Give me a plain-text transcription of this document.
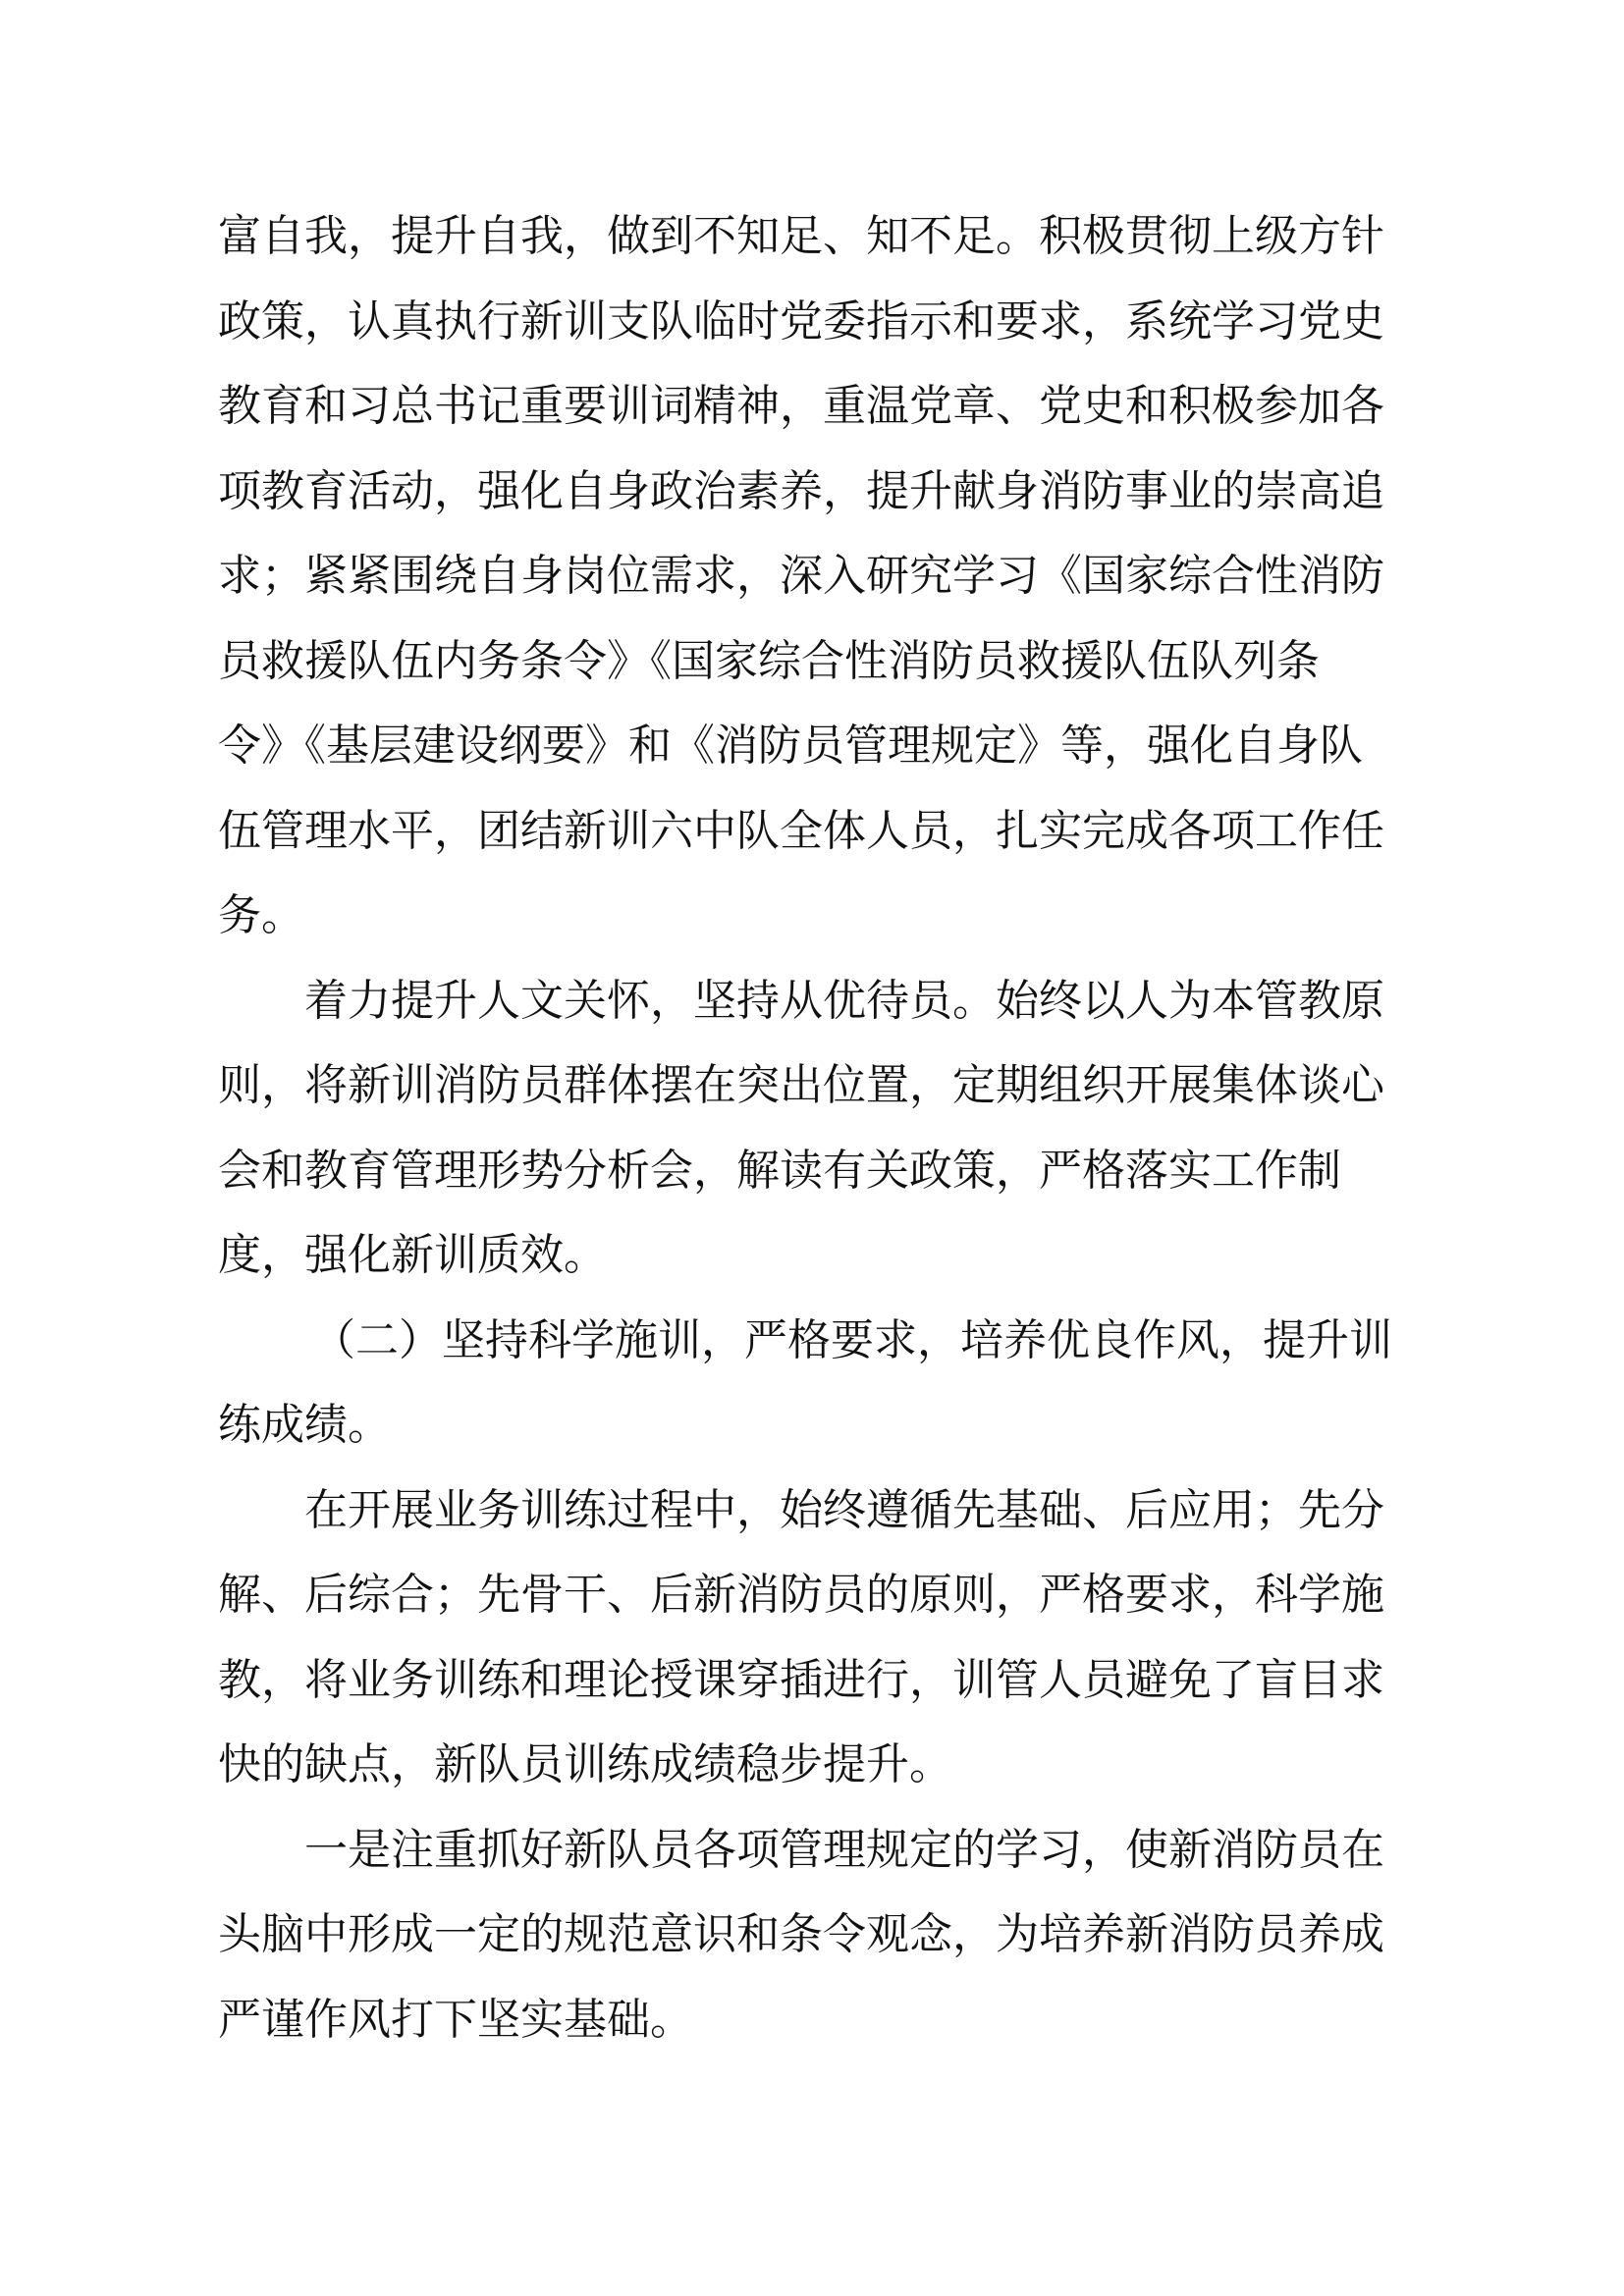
富自我，提升自我，做到不知足、知不足。积极贯彻上级方针

政策，认真执行新训支队临时党委指示和要求，系统学习党史

教育和习总书记重要训词精神，重温党章、党史和积极参加各

项教育活动，强化自身政治素养，提升献身消防事业的崇高追

求；紧紧围绕自身岗位需求，深入研究学习《国家综合性消防

员救援队伍内务条令》《国家综合性消防员救援队伍队列条

令》《基层建设纲要》和《消防员管理规定》等，强化自身队

伍管理水平，团结新训六中队全体人员，扎实完成各项工作任

务。

着力提升人文关怀，坚持从优待员。始终以人为本管教原

则，将新训消防员群体摆在突出位置，定期组织开展集体谈心

会和教育管理形势分析会，解读有关政策，严格落实工作制

度，强化新训质效。

（二）坚持科学施训，严格要求，培养优良作风，提升训

练成绩。

在开展业务训练过程中，始终遵循先基础、后应用；先分

解、后综合；先骨干、后新消防员的原则，严格要求，科学施

教，将业务训练和理论授课穿插进行，训管人员避免了盲目求

快的缺点，新队员训练成绩稳步提升。

一是注重抓好新队员各项管理规定的学习，使新消防员在

头脑中形成一定的规范意识和条令观念，为培养新消防员养成

严谨作风打下坚实基础。
